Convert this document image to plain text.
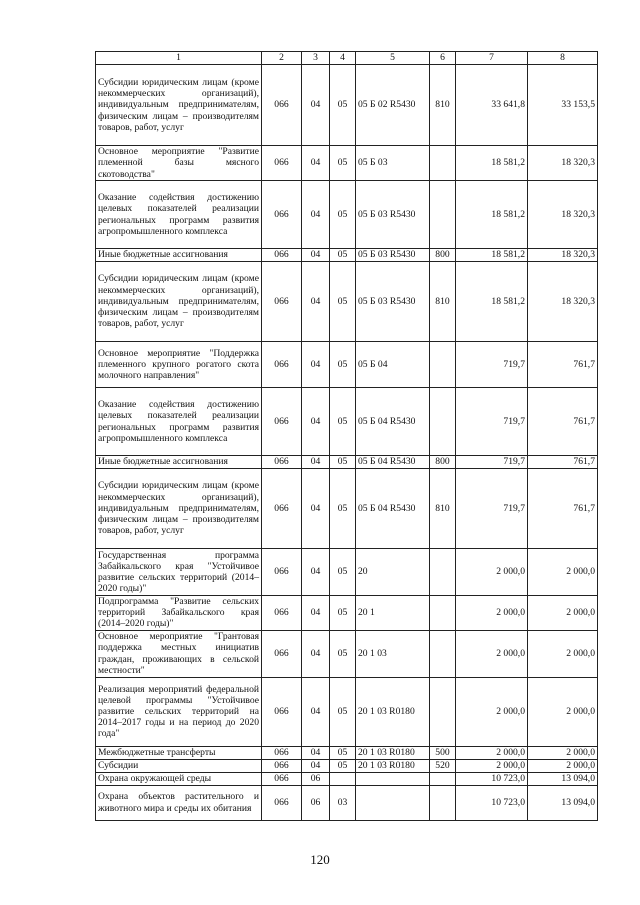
1	2	3	4	5	6	7	8
Субсидии юридическим лицам (кроме некоммерческих организаций), индивидуальным предпринимателям, физическим лицам – производителям товаров, работ, услуг	066	04	05	05 Б 02 R5430	810	33 641,8	33 153,5
Основное мероприятие "Развитие племенной базы мясного скотоводства"	066	04	05	05 Б 03		18 581,2	18 320,3
Оказание содействия достижению целевых показателей реализации региональных программ развития агропромышленного комплекса	066	04	05	05 Б 03 R5430		18 581,2	18 320,3
Иные бюджетные ассигнования	066	04	05	05 Б 03 R5430	800	18 581,2	18 320,3
Субсидии юридическим лицам (кроме некоммерческих организаций), индивидуальным предпринимателям, физическим лицам – производителям товаров, работ, услуг	066	04	05	05 Б 03 R5430	810	18 581,2	18 320,3
Основное мероприятие "Поддержка племенного крупного рогатого скота молочного направления"	066	04	05	05 Б 04		719,7	761,7
Оказание содействия достижению целевых показателей реализации региональных программ развития агропромышленного комплекса	066	04	05	05 Б 04 R5430		719,7	761,7
Иные бюджетные ассигнования	066	04	05	05 Б 04 R5430	800	719,7	761,7
Субсидии юридическим лицам (кроме некоммерческих организаций), индивидуальным предпринимателям, физическим лицам – производителям товаров, работ, услуг	066	04	05	05 Б 04 R5430	810	719,7	761,7
Государственная программа Забайкальского края "Устойчивое развитие сельских территорий (2014–2020 годы)"	066	04	05	20		2 000,0	2 000,0
Подпрограмма "Развитие сельских территорий Забайкальского края (2014–2020 годы)"	066	04	05	20 1		2 000,0	2 000,0
Основное мероприятие "Грантовая поддержка местных инициатив граждан, проживающих в сельской местности"	066	04	05	20 1 03		2 000,0	2 000,0
Реализация мероприятий федеральной целевой программы "Устойчивое развитие сельских территорий на 2014–2017 годы и на период до 2020 года"	066	04	05	20 1 03 R0180		2 000,0	2 000,0
Межбюджетные трансферты	066	04	05	20 1 03 R0180	500	2 000,0	2 000,0
Субсидии	066	04	05	20 1 03 R0180	520	2 000,0	2 000,0
Охрана окружающей среды	066	06				10 723,0	13 094,0
Охрана объектов растительного и животного мира и среды их обитания	066	06	03			10 723,0	13 094,0
120
